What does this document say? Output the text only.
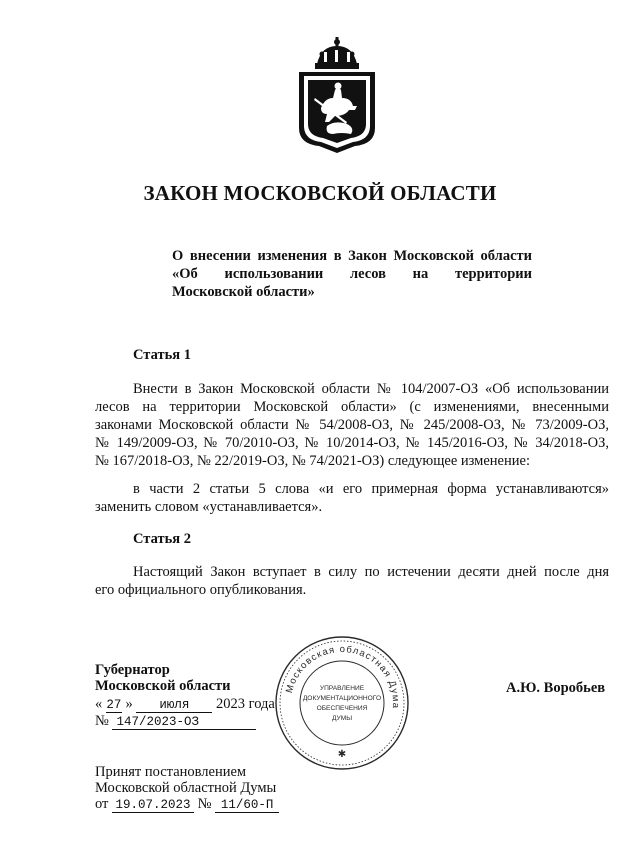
ЗАКОН МОСКОВСКОЙ ОБЛАСТИ
О внесении изменения в Закон Московской области
«Об использовании лесов на территории
Московской области»
Статья 1
Внести в Закон Московской области № 104/2007-ОЗ «Об использовании
лесов на территории Московской области» (с изменениями, внесенными
законами Московской области № 54/2008-ОЗ, № 245/2008-ОЗ, № 73/2009-ОЗ,
№ 149/2009-ОЗ, № 70/2010-ОЗ, № 10/2014-ОЗ, № 145/2016-ОЗ, № 34/2018-ОЗ,
№ 167/2018-ОЗ, № 22/2019-ОЗ, № 74/2021-ОЗ) следующее изменение:
в части 2 статьи 5 слова «и его примерная форма устанавливаются»
заменить словом «устанавливается».
Статья 2
Настоящий Закон вступает в силу по истечении десяти дней после дня
его официального опубликования.
Губернатор
Московской области
« 27 » июля 2023 года
№ 147/2023-ОЗ
А.Ю. Воробьев
Московская областная Дума
✱
УПРАВЛЕНИЕ
ДОКУМЕНТАЦИОННОГО
ОБЕСПЕЧЕНИЯ
ДУМЫ
Принят постановлением
Московской областной Думы
от 19.07.2023 № 11/60-П
